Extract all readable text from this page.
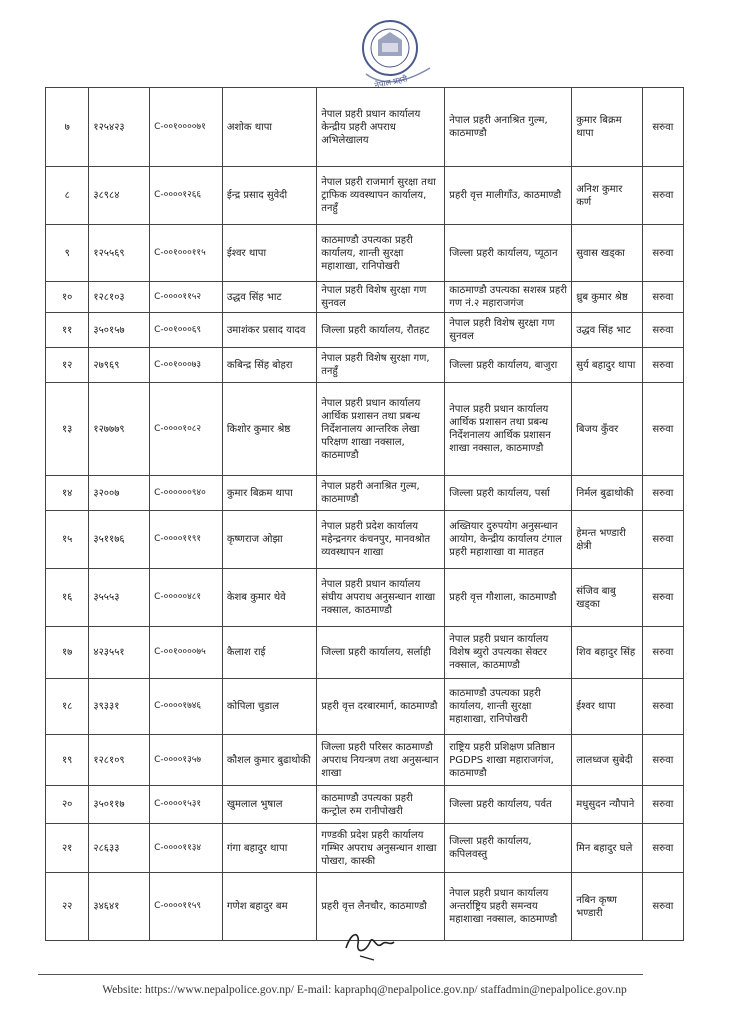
नेपाल प्रहरी
७	१२५४२३	C-००१००००७१	अशोक थापा	नेपाल प्रहरी प्रधान कार्यालय केन्द्रीय प्रहरी अपराध अभिलेखालय	नेपाल प्रहरी अनाश्रित गुल्म, काठमाण्डौ	कुमार बिक्रम थापा	सरुवा
८	३८९८४	C-००००१२६६	ईन्द्र प्रसाद सुवेदी	नेपाल प्रहरी राजमार्ग सुरक्षा तथा ट्राफिक व्यवस्थापन कार्यालय, तनहुँ	प्रहरी वृत्त मालीगाँउ, काठमाण्डौ	अनिश कुमार कर्ण	सरुवा
९	१२५५६९	C-००१०००११५	ईश्वर थापा	काठमाण्डौ उपत्यका प्रहरी कार्यालय, शान्ती सुरक्षा महाशाखा, रानिपोखरी	जिल्ला प्रहरी कार्यालय, प्यूठान	सुवास खड्का	सरुवा
१०	१२८१०३	C-००००११५२	उद्धव सिंह भाट	नेपाल प्रहरी विशेष सुरक्षा गण सुनवल	काठमाण्डौ उपत्यका सशस्त्र प्रहरी गण नं.२ महाराजगंज	ध्रुब कुमार श्रेष्ठ	सरुवा
११	३५०१५७	C-००१०००६९	उमाशंकर प्रसाद यादव	जिल्ला प्रहरी कार्यालय, रौतहट	नेपाल प्रहरी विशेष सुरक्षा गण सुनवल	उद्धव सिंह भाट	सरुवा
१२	२७९६९	C-००१०००७३	कबिन्द्र सिंह बोहरा	नेपाल प्रहरी विशेष सुरक्षा गण, तनहुँ	जिल्ला प्रहरी कार्यालय, बाजुरा	सुर्य बहादुर थापा	सरुवा
१३	१२७७७९	C-००००१०८२	किशोर कुमार श्रेष्ठ	नेपाल प्रहरी प्रधान कार्यालय आर्थिक प्रशासन तथा प्रबन्ध निर्देशनालय आन्तरिक लेखा परिक्षण शाखा नक्साल, काठमाण्डौ	नेपाल प्रहरी प्रधान कार्यालय आर्थिक प्रशासन तथा प्रबन्ध निर्देशनालय आर्थिक प्रशासन शाखा नक्साल, काठमाण्डौ	बिजय कुँवर	सरुवा
१४	३२००७	C-००००००९४०	कुमार बिक्रम थापा	नेपाल प्रहरी अनाश्रित गुल्म, काठमाण्डौ	जिल्ला प्रहरी कार्यालय, पर्सा	निर्मल बुढाथोकी	सरुवा
१५	३५११७६	C-००००११९१	कृष्णराज ओझा	नेपाल प्रहरी प्रदेश कार्यालय महेन्द्रनगर कंचनपुर, मानवश्रोत व्यवस्थापन शाखा	अख्तियार दुरुपयोग अनुसन्धान आयोग, केन्द्रीय कार्यालय टंगाल प्रहरी महाशाखा वा मातहत	हेमन्त भण्डारी क्षेत्री	सरुवा
१६	३५५५३	C-०००००४८१	केशब कुमार थेवे	नेपाल प्रहरी प्रधान कार्यालय संघीय अपराध अनुसन्धान शाखा नक्साल, काठमाण्डौ	प्रहरी वृत्त गौशाला, काठमाण्डौ	संजिव बाबु खड्का	सरुवा
१७	४२३५५१	C-००१००००७५	कैलाश राई	जिल्ला प्रहरी कार्यालय, सर्लाही	नेपाल प्रहरी प्रधान कार्यालय विशेष ब्युरो उपत्यका सेक्टर नक्साल, काठमाण्डौ	शिव बहादुर सिंह	सरुवा
१८	३९३३१	C-००००१७४६	कोपिला चुडाल	प्रहरी वृत्त दरबारमार्ग, काठमाण्डौ	काठमाण्डौ उपत्यका प्रहरी कार्यालय, शान्ती सुरक्षा महाशाखा, रानिपोखरी	ईश्वर थापा	सरुवा
१९	१२८१०९	C-००००१३५७	कौशल कुमार बुढाथोकी	जिल्ला प्रहरी परिसर काठमाण्डौ अपराध नियन्त्रण तथा अनुसन्धान शाखा	राष्ट्रिय प्रहरी प्रशिक्षण प्रतिष्ठान PGDPS शाखा महाराजगंज, काठमाण्डौ	लालध्वज सुबेदी	सरुवा
२०	३५०११७	C-००००१५३१	खुमलाल भुषाल	काठमाण्डौ उपत्यका प्रहरी कन्ट्रोल रुम रानीपोखरी	जिल्ला प्रहरी कार्यालय, पर्वत	मधुसुदन न्यौपाने	सरुवा
२१	२८६३३	C-००००११३४	गंगा बहादुर थापा	गण्डकी प्रदेश प्रहरी कार्यालय गम्भिर अपराध अनुसन्धान शाखा पोखरा, कास्की	जिल्ला प्रहरी कार्यालय, कपिलवस्तु	मिन बहादुर घले	सरुवा
२२	३४६४१	C-००००११५९	गणेश बहादुर बम	प्रहरी वृत्त लैनचौर, काठमाण्डौ	नेपाल प्रहरी प्रधान कार्यालय अन्तर्राष्ट्रिय प्रहरी समन्वय महाशाखा नक्साल, काठमाण्डौ	नबिन कृष्ण भण्डारी	सरुवा
Website: https://www.nepalpolice.gov.np/ E-mail: kapraphq@nepalpolice.gov.np/ staffadmin@nepalpolice.gov.np
